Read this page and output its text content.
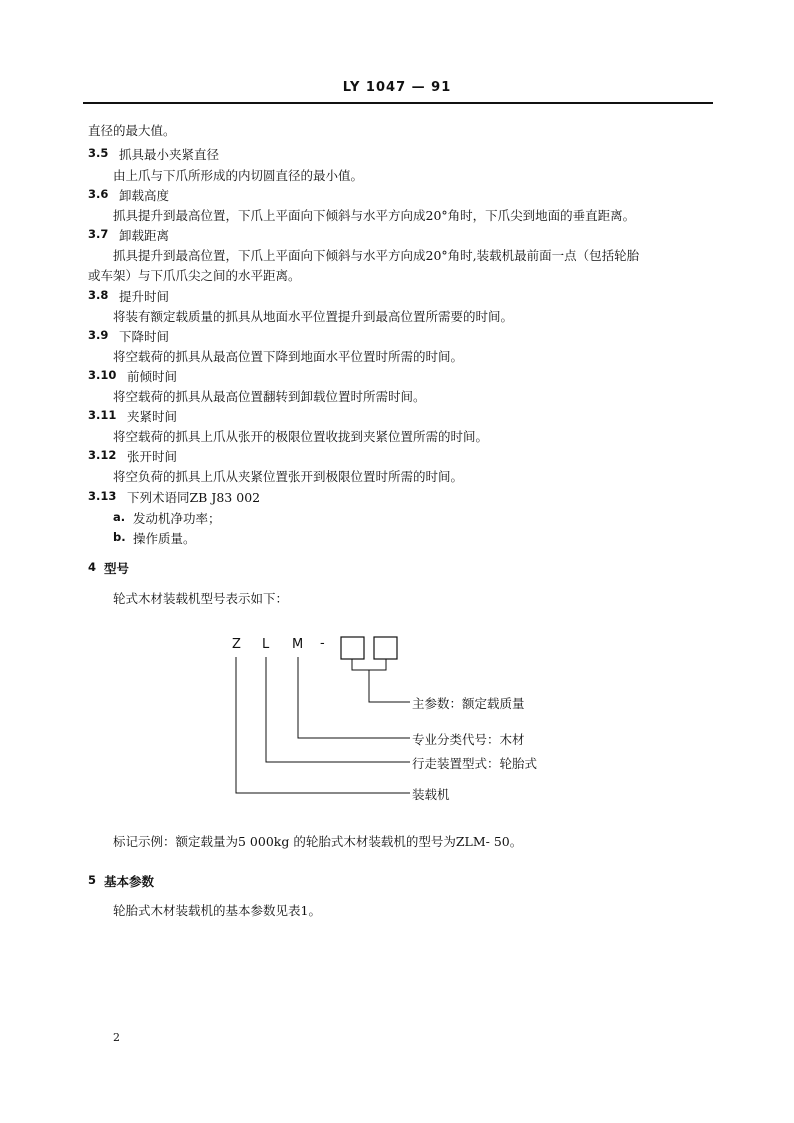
LY 1047 — 91
直径的最大值。
3.5 抓具最小夹紧直径
由上爪与下爪所形成的内切圆直径的最小值。
3.6 卸载高度
抓具提升到最高位置，下爪上平面向下倾斜与水平方向成20°角时，下爪尖到地面的垂直距离。
3.7 卸载距离
抓具提升到最高位置，下爪上平面向下倾斜与水平方向成20°角时,装载机最前面一点（包括轮胎
或车架）与下爪爪尖之间的水平距离。
3.8 提升时间
将装有额定载质量的抓具从地面水平位置提升到最高位置所需要的时间。
3.9 下降时间
将空载荷的抓具从最高位置下降到地面水平位置时所需的时间。
3.10 前倾时间
将空载荷的抓具从最高位置翻转到卸载位置时所需时间。
3.11 夹紧时间
将空载荷的抓具上爪从张开的极限位置收拢到夹紧位置所需的时间。
3.12 张开时间
将空负荷的抓具上爪从夹紧位置张开到极限位置时所需的时间。
3.13 下列术语同ZB J83 002
a. 发动机净功率；
b. 操作质量。
4 型号
轮式木材装载机型号表示如下：
Z L M -
主参数：额定载质量
专业分类代号：木材
行走装置型式：轮胎式
装载机
标记示例：额定载量为5 000kg 的轮胎式木材装载机的型号为ZLM- 50。
5 基本参数
轮胎式木材装载机的基本参数见表1。
2
